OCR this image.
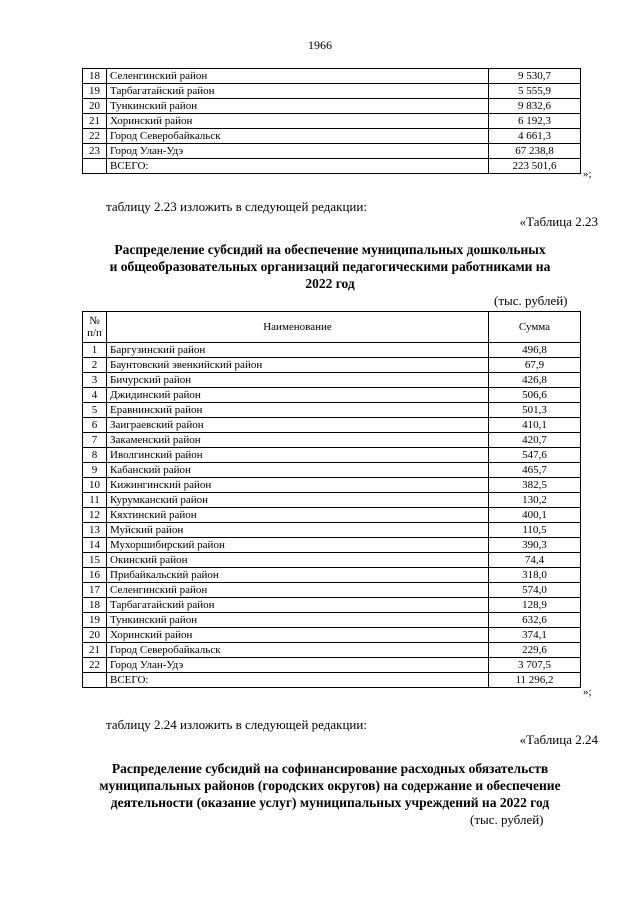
1966
18	Селенгинский район	9 530,7
19	Тарбагатайский район	5 555,9
20	Тункинский район	9 832,6
21	Хоринский район	6 192,3
22	Город Северобайкальск	4 661,3
23	Город Улан-Удэ	67 238,8
	ВСЕГО:	223 501,6
»;
таблицу 2.23 изложить в следующей редакции:
«Таблица 2.23
Распределение субсидий на обеспечение муниципальных дошкольных
и общеобразовательных организаций педагогическими работниками на
2022 год
(тыс. рублей)
№
п/п	Наименование	Сумма
1	Баргузинский район	496,8
2	Баунтовский эвенкийский район	67,9
3	Бичурский район	426,8
4	Джидинский район	506,6
5	Еравнинский район	501,3
6	Заиграевский район	410,1
7	Закаменский район	420,7
8	Иволгинский район	547,6
9	Кабанский район	465,7
10	Кижингинский район	382,5
11	Курумканский район	130,2
12	Кяхтинский район	400,1
13	Муйский район	110,5
14	Мухоршибирский район	390,3
15	Окинский район	74,4
16	Прибайкальский район	318,0
17	Селенгинский район	574,0
18	Тарбагатайский район	128,9
19	Тункинский район	632,6
20	Хоринский район	374,1
21	Город Северобайкальск	229,6
22	Город Улан-Удэ	3 707,5
	ВСЕГО:	11 296,2
»;
таблицу 2.24 изложить в следующей редакции:
«Таблица 2.24
Распределение субсидий на софинансирование расходных обязательств
муниципальных районов (городских округов) на содержание и обеспечение
деятельности (оказание услуг) муниципальных учреждений на 2022 год
(тыс. рублей)
